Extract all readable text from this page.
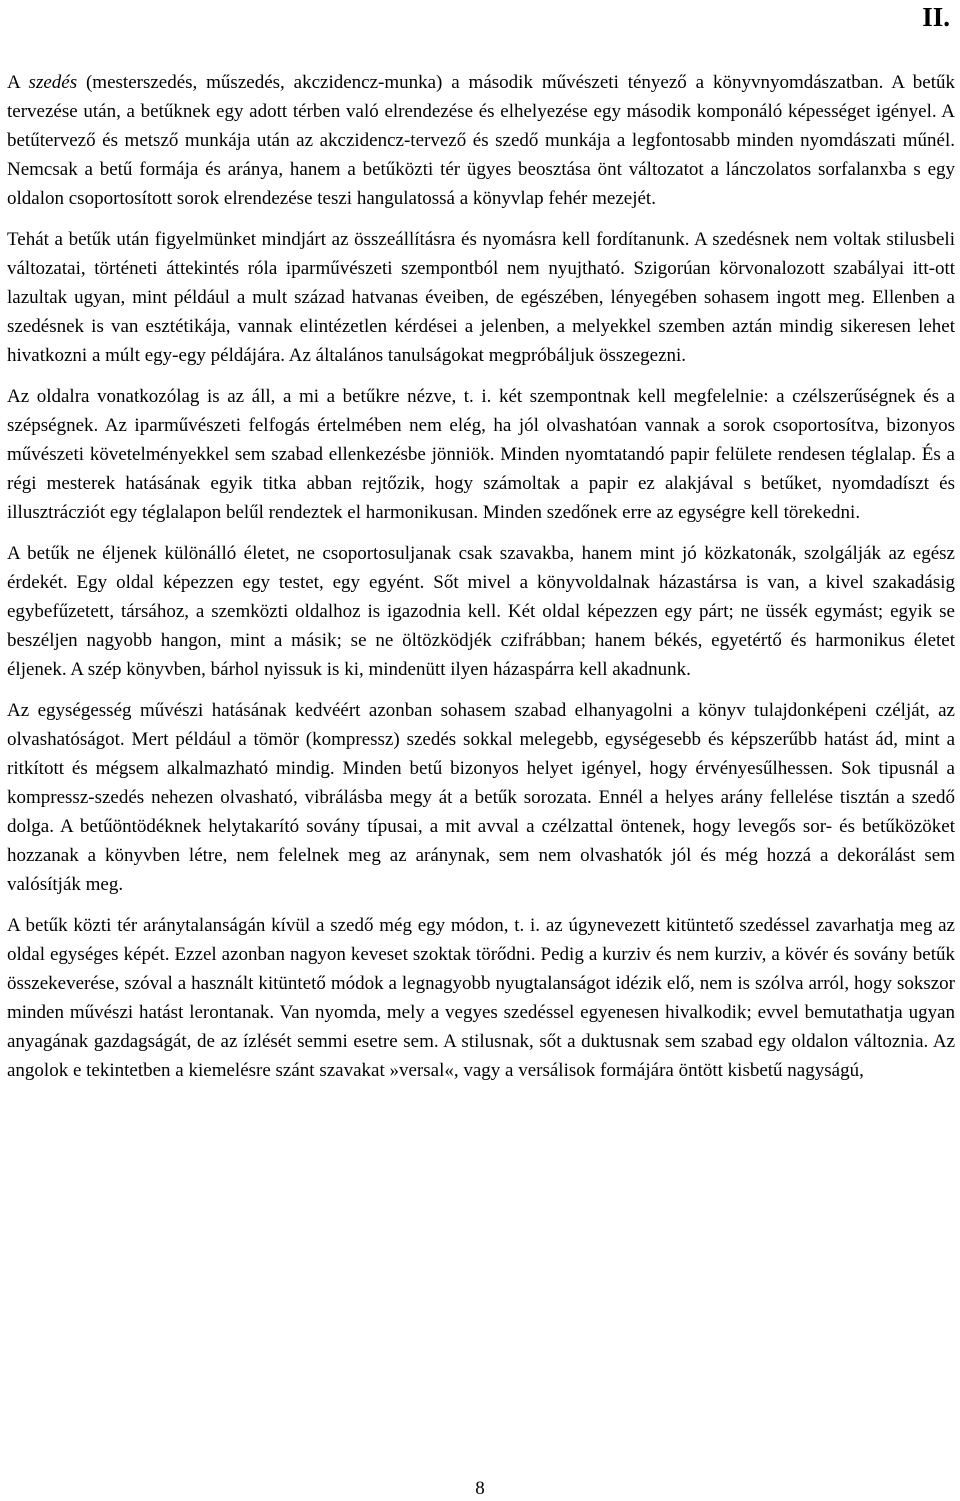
II.

A szedés (mesterszedés, műszedés, akczidencz-munka) a második művészeti tényező a könyvnyomdászatban. A betűk tervezése után, a betűknek egy adott térben való elrendezése és elhelyezése egy második komponáló képességet igényel. A betűtervező és metsző munkája után az akczidencz-tervező és szedő munkája a legfontosabb minden nyomdászati műnél. Nemcsak a betű formája és aránya, hanem a betűközti tér ügyes beosztása önt változatot a lánczolatos sorfalanxba s egy oldalon csoportosított sorok elrendezése teszi hangulatossá a könyvlap fehér mezejét.

Tehát a betűk után figyelmünket mindjárt az összeállításra és nyomásra kell fordítanunk. A szedésnek nem voltak stilusbeli változatai, történeti áttekintés róla iparművészeti szempontból nem nyujtható. Szigorúan körvonalozott szabályai itt-ott lazultak ugyan, mint például a mult század hatvanas éveiben, de egészében, lényegében sohasem ingott meg. Ellenben a szedésnek is van esztétikája, vannak elintézetlen kérdései a jelenben, a melyekkel szemben aztán mindig sikeresen lehet hivatkozni a múlt egy-egy példájára. Az általános tanulságokat megpróbáljuk összegezni.

Az oldalra vonatkozólag is az áll, a mi a betűkre nézve, t. i. két szempontnak kell megfelelnie: a czélszerűségnek és a szépségnek. Az iparművészeti felfogás értelmében nem elég, ha jól olvashatóan vannak a sorok csoportosítva, bizonyos művészeti követelményekkel sem szabad ellenkezésbe jönniök. Minden nyomtatandó papir felülete rendesen téglalap. És a régi mesterek hatásának egyik titka abban rejtőzik, hogy számoltak a papir ez alakjával s betűket, nyomdadíszt és illusztrácziót egy téglalapon belűl rendeztek el harmonikusan. Minden szedőnek erre az egységre kell törekedni.

A betűk ne éljenek különálló életet, ne csoportosuljanak csak szavakba, hanem mint jó közkatonák, szolgálják az egész érdekét. Egy oldal képezzen egy testet, egy egyént. Sőt mivel a könyvoldalnak házastársa is van, a kivel szakadásig egybefűzetett, társához, a szemközti oldalhoz is igazodnia kell. Két oldal képezzen egy párt; ne üssék egymást; egyik se beszéljen nagyobb hangon, mint a másik; se ne öltözködjék czifrábban; hanem békés, egyetértő és harmonikus életet éljenek. A szép könyvben, bárhol nyissuk is ki, mindenütt ilyen házaspárra kell akadnunk.

Az egységesség művészi hatásának kedvéért azonban sohasem szabad elhanyagolni a könyv tulajdonképeni czélját, az olvashatóságot. Mert például a tömör (kompressz) szedés sokkal melegebb, egységesebb és képszerűbb hatást ád, mint a ritkított és mégsem alkalmazható mindig. Minden betű bizonyos helyet igényel, hogy érvényesűlhessen. Sok tipusnál a kompressz-szedés nehezen olvasható, vibrálásba megy át a betűk sorozata. Ennél a helyes arány fellelése tisztán a szedő dolga. A betűöntödéknek helytakarító sovány típusai, a mit avval a czélzattal öntenek, hogy levegős sor- és betűközöket hozzanak a könyvben létre, nem felelnek meg az aránynak, sem nem olvashatók jól és még hozzá a dekorálást sem valósítják meg.

A betűk közti tér aránytalanságán kívül a szedő még egy módon, t. i. az úgynevezett kitüntető szedéssel zavarhatja meg az oldal egységes képét. Ezzel azonban nagyon keveset szoktak törődni. Pedig a kurziv és nem kurziv, a kövér és sovány betűk összekeverése, szóval a használt kitüntető módok a legnagyobb nyugtalanságot idézik elő, nem is szólva arról, hogy sokszor minden művészi hatást lerontanak. Van nyomda, mely a vegyes szedéssel egyenesen hivalkodik; evvel bemutathatja ugyan anyagának gazdagságát, de az ízlését semmi esetre sem. A stilusnak, sőt a duktusnak sem szabad egy oldalon változnia. Az angolok e tekintetben a kiemelésre szánt szavakat »versal«, vagy a versálisok formájára öntött kisbetű nagyságú,

8
